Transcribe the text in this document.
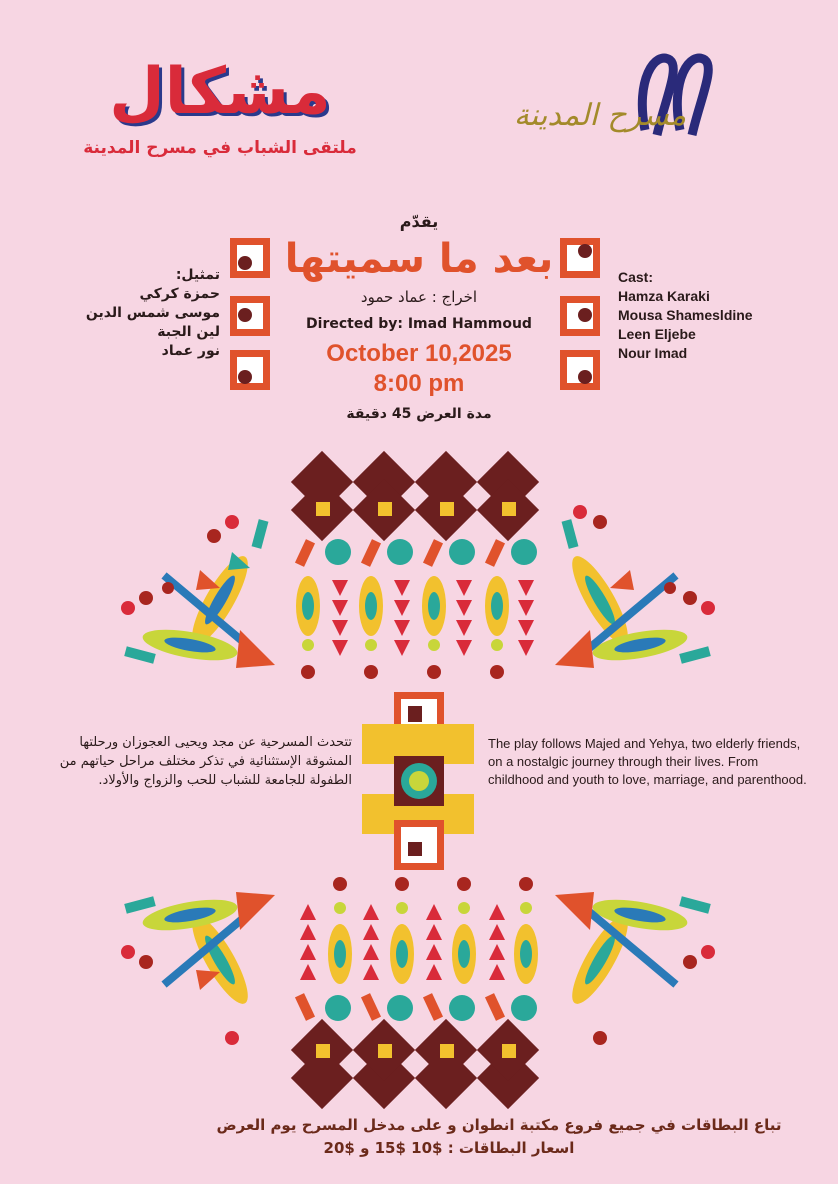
مشكال
ملتقى الشباب في مسرح المدينة
مسرح المدينة
يقدّم
بعد ما سميتها
اخراج : عماد حمود
Directed by: Imad Hammoud
October 10,2025
8:00 pm
مدة العرض 45 دقيقة
تمثيل:
حمزة كركي
موسى شمس الدين
لين الجبة
نور عماد
Cast:
Hamza Karaki
Mousa Shamesldine
Leen Eljebe
Nour Imad
تتحدث المسرحية عن مجد ويحيى العجوزان ورحلتها المشوقة الإستثنائية في تذكر مختلف مراحل حياتهم من الطفولة للجامعة للشباب للحب والزواج والأولاد.
The play follows Majed and Yehya, two elderly friends, on a nostalgic journey through their lives. From childhood and youth to love, marriage, and parenthood.
تباع البطاقات في جميع فروع مكتبة انطوان و على مدخل المسرح يوم العرض
اسعار البطاقات : $10 $15 و $20
